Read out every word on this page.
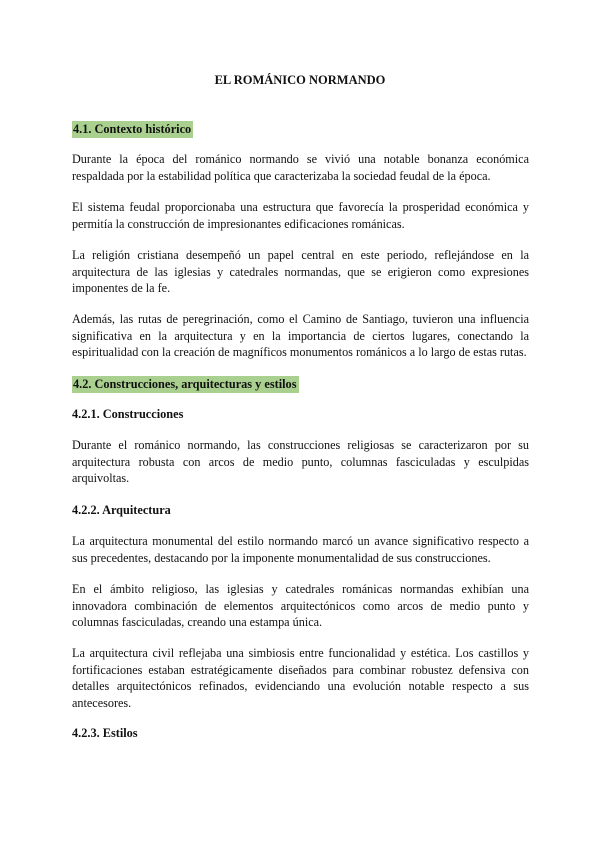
EL ROMÁNICO NORMANDO
4.1. Contexto histórico

Durante la época del románico normando se vivió una notable bonanza económica respaldada por la estabilidad política que caracterizaba la sociedad feudal de la época.

El sistema feudal proporcionaba una estructura que favorecía la prosperidad económica y permitía la construcción de impresionantes edificaciones románicas.

La religión cristiana desempeñó un papel central en este periodo, reflejándose en la arquitectura de las iglesias y catedrales normandas, que se erigieron como expresiones imponentes de la fe.

Además, las rutas de peregrinación, como el Camino de Santiago, tuvieron una influencia significativa en la arquitectura y en la importancia de ciertos lugares, conectando la espiritualidad con la creación de magníficos monumentos románicos a lo largo de estas rutas.

4.2. Construcciones, arquitecturas y estilos
4.2.1. Construcciones

Durante el románico normando, las construcciones religiosas se caracterizaron por su arquitectura robusta con arcos de medio punto, columnas fasciculadas y esculpidas arquivoltas.

4.2.2. Arquitectura

La arquitectura monumental del estilo normando marcó un avance significativo respecto a sus precedentes, destacando por la imponente monumentalidad de sus construcciones.

En el ámbito religioso, las iglesias y catedrales románicas normandas exhibían una innovadora combinación de elementos arquitectónicos como arcos de medio punto y columnas fasciculadas, creando una estampa única.

La arquitectura civil reflejaba una simbiosis entre funcionalidad y estética. Los castillos y fortificaciones estaban estratégicamente diseñados para combinar robustez defensiva con detalles arquitectónicos refinados, evidenciando una evolución notable respecto a sus antecesores.

4.2.3. Estilos
